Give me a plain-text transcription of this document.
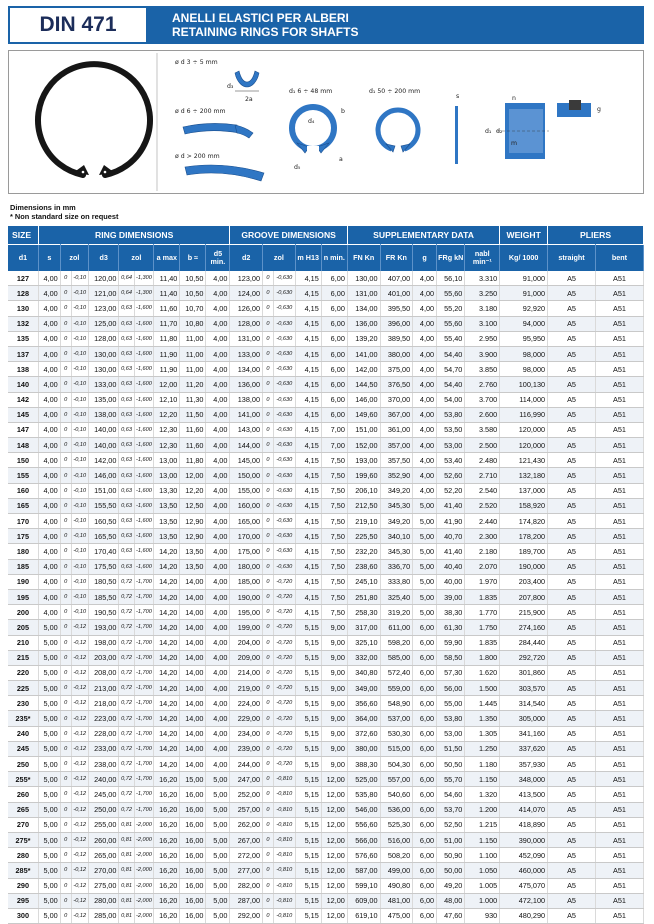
DIN 471	ANELLI ELASTICI PER ALBERI
RETAINING RINGS FOR SHAFTS
ø d 3 ÷ 5 mm
d₃
2a
ø d 6 ÷ 200 mm
ø d > 200 mm
d₁ 6 ÷ 48 mm
d₄
b
a
d₅
d₁ 50 ÷ 200 mm
s	n
m
d₁ d₂
g
Dimensions in mm
* Non standard size on request
SIZE	RING DIMENSIONS									GROOVE DIMENSIONS					SUPPLEMENTARY DATA					WEIGHT	PLIERS	
d1	s	zol		d3	zol		a max	b ≈	d5 min.	d2	zol		m H13	n min.	FN Kn	FR Kn	g	FRg kN	nabl min⁻¹	Kg/ 1000	straight	bent
127	4,00	0	-0,10	120,00	0,64	-1,300	11,40	10,50	4,00	123,00	0	-0,630	4,15	6,00	130,00	407,00	4,00	56,10	3.310	91,000	A5	A51
128	4,00	0	-0,10	121,00	0,64	-1,300	11,40	10,50	4,00	124,00	0	-0,630	4,15	6,00	131,00	401,00	4,00	55,60	3.250	91,000	A5	A51
130	4,00	0	-0,10	123,00	0,63	-1,600	11,60	10,70	4,00	126,00	0	-0,630	4,15	6,00	134,00	395,50	4,00	55,20	3.180	92,920	A5	A51
132	4,00	0	-0,10	125,00	0,63	-1,600	11,70	10,80	4,00	128,00	0	-0,630	4,15	6,00	136,00	396,00	4,00	55,60	3.100	94,000	A5	A51
135	4,00	0	-0,10	128,00	0,63	-1,600	11,80	11,00	4,00	131,00	0	-0,630	4,15	6,00	139,20	389,50	4,00	55,40	2.950	95,950	A5	A51
137	4,00	0	-0,10	130,00	0,63	-1,600	11,90	11,00	4,00	133,00	0	-0,630	4,15	6,00	141,00	380,00	4,00	54,40	3.900	98,000	A5	A51
138	4,00	0	-0,10	130,00	0,63	-1,600	11,90	11,00	4,00	134,00	0	-0,630	4,15	6,00	142,00	375,00	4,00	54,70	3.850	98,000	A5	A51
140	4,00	0	-0,10	133,00	0,63	-1,600	12,00	11,20	4,00	136,00	0	-0,630	4,15	6,00	144,50	376,50	4,00	54,40	2.760	100,130	A5	A51
142	4,00	0	-0,10	135,00	0,63	-1,600	12,10	11,30	4,00	138,00	0	-0,630	4,15	6,00	146,00	370,00	4,00	54,00	3.700	114,000	A5	A51
145	4,00	0	-0,10	138,00	0,63	-1,600	12,20	11,50	4,00	141,00	0	-0,630	4,15	6,00	149,60	367,00	4,00	53,80	2.600	116,990	A5	A51
147	4,00	0	-0,10	140,00	0,63	-1,600	12,30	11,60	4,00	143,00	0	-0,630	4,15	7,00	151,00	361,00	4,00	53,50	3.580	120,000	A5	A51
148	4,00	0	-0,10	140,00	0,63	-1,600	12,30	11,60	4,00	144,00	0	-0,630	4,15	7,00	152,00	357,00	4,00	53,00	2.500	120,000	A5	A51
150	4,00	0	-0,10	142,00	0,63	-1,600	13,00	11,80	4,00	145,00	0	-0,630	4,15	7,50	193,00	357,50	4,00	53,40	2.480	121,430	A5	A51
155	4,00	0	-0,10	146,00	0,63	-1,600	13,00	12,00	4,00	150,00	0	-0,630	4,15	7,50	199,60	352,90	4,00	52,60	2.710	132,180	A5	A51
160	4,00	0	-0,10	151,00	0,63	-1,600	13,30	12,20	4,00	155,00	0	-0,630	4,15	7,50	206,10	349,20	4,00	52,20	2.540	137,000	A5	A51
165	4,00	0	-0,10	155,50	0,63	-1,600	13,50	12,50	4,00	160,00	0	-0,630	4,15	7,50	212,50	345,30	5,00	41,40	2.520	158,920	A5	A51
170	4,00	0	-0,10	160,50	0,63	-1,600	13,50	12,90	4,00	165,00	0	-0,630	4,15	7,50	219,10	349,20	5,00	41,90	2.440	174,820	A5	A51
175	4,00	0	-0,10	165,50	0,63	-1,600	13,50	12,90	4,00	170,00	0	-0,630	4,15	7,50	225,50	340,10	5,00	40,70	2.300	178,200	A5	A51
180	4,00	0	-0,10	170,40	0,63	-1,600	14,20	13,50	4,00	175,00	0	-0,630	4,15	7,50	232,20	345,30	5,00	41,40	2.180	189,700	A5	A51
185	4,00	0	-0,10	175,50	0,63	-1,600	14,20	13,50	4,00	180,00	0	-0,630	4,15	7,50	238,60	336,70	5,00	40,40	2.070	190,000	A5	A51
190	4,00	0	-0,10	180,50	0,72	-1,700	14,20	14,00	4,00	185,00	0	-0,720	4,15	7,50	245,10	333,80	5,00	40,00	1.970	203,400	A5	A51
195	4,00	0	-0,10	185,50	0,72	-1,700	14,20	14,00	4,00	190,00	0	-0,720	4,15	7,50	251,80	325,40	5,00	39,00	1.835	207,800	A5	A51
200	4,00	0	-0,10	190,50	0,72	-1,700	14,20	14,00	4,00	195,00	0	-0,720	4,15	7,50	258,30	319,20	5,00	38,30	1.770	215,900	A5	A51
205	5,00	0	-0,12	193,00	0,72	-1,700	14,20	14,00	4,00	199,00	0	-0,720	5,15	9,00	317,00	611,00	6,00	61,30	1.750	274,160	A5	A51
210	5,00	0	-0,12	198,00	0,72	-1,700	14,20	14,00	4,00	204,00	0	-0,720	5,15	9,00	325,10	598,20	6,00	59,90	1.835	284,440	A5	A51
215	5,00	0	-0,12	203,00	0,72	-1,700	14,20	14,00	4,00	209,00	0	-0,720	5,15	9,00	332,00	585,00	6,00	58,50	1.800	292,720	A5	A51
220	5,00	0	-0,12	208,00	0,72	-1,700	14,20	14,00	4,00	214,00	0	-0,720	5,15	9,00	340,80	572,40	6,00	57,30	1.620	301,860	A5	A51
225	5,00	0	-0,12	213,00	0,72	-1,700	14,20	14,00	4,00	219,00	0	-0,720	5,15	9,00	349,00	559,00	6,00	56,00	1.500	303,570	A5	A51
230	5,00	0	-0,12	218,00	0,72	-1,700	14,20	14,00	4,00	224,00	0	-0,720	5,15	9,00	356,60	548,90	6,00	55,00	1.445	314,540	A5	A51
235*	5,00	0	-0,12	223,00	0,72	-1,700	14,20	14,00	4,00	229,00	0	-0,720	5,15	9,00	364,00	537,00	6,00	53,80	1.350	305,000	A5	A51
240	5,00	0	-0,12	228,00	0,72	-1,700	14,20	14,00	4,00	234,00	0	-0,720	5,15	9,00	372,60	530,30	6,00	53,00	1.305	341,160	A5	A51
245	5,00	0	-0,12	233,00	0,72	-1,700	14,20	14,00	4,00	239,00	0	-0,720	5,15	9,00	380,00	515,00	6,00	51,50	1.250	337,620	A5	A51
250	5,00	0	-0,12	238,00	0,72	-1,700	14,20	14,00	4,00	244,00	0	-0,720	5,15	9,00	388,30	504,30	6,00	50,50	1.180	357,930	A5	A51
255*	5,00	0	-0,12	240,00	0,72	-1,700	16,20	15,00	5,00	247,00	0	-0,810	5,15	12,00	525,00	557,00	6,00	55,70	1.150	348,000	A5	A51
260	5,00	0	-0,12	245,00	0,72	-1,700	16,20	16,00	5,00	252,00	0	-0,810	5,15	12,00	535,80	540,60	6,00	54,60	1.320	413,500	A5	A51
265	5,00	0	-0,12	250,00	0,72	-1,700	16,20	16,00	5,00	257,00	0	-0,810	5,15	12,00	546,00	536,00	6,00	53,70	1.200	414,070	A5	A51
270	5,00	0	-0,12	255,00	0,81	-2,000	16,20	16,00	5,00	262,00	0	-0,810	5,15	12,00	556,60	525,30	6,00	52,50	1.215	418,890	A5	A51
275*	5,00	0	-0,12	260,00	0,81	-2,000	16,20	16,00	5,00	267,00	0	-0,810	5,15	12,00	566,00	516,00	6,00	51,00	1.150	390,000	A5	A51
280	5,00	0	-0,12	265,00	0,81	-2,000	16,20	16,00	5,00	272,00	0	-0,810	5,15	12,00	576,60	508,20	6,00	50,90	1.100	452,090	A5	A51
285*	5,00	0	-0,12	270,00	0,81	-2,000	16,20	16,00	5,00	277,00	0	-0,810	5,15	12,00	587,00	499,00	6,00	50,00	1.050	460,000	A5	A51
290	5,00	0	-0,12	275,00	0,81	-2,000	16,20	16,00	5,00	282,00	0	-0,810	5,15	12,00	599,10	490,80	6,00	49,20	1.005	475,070	A5	A51
295	5,00	0	-0,12	280,00	0,81	-2,000	16,20	16,00	5,00	287,00	0	-0,810	5,15	12,00	609,00	481,00	6,00	48,00	1.000	472,100	A5	A51
300	5,00	0	-0,12	285,00	0,81	-2,000	16,20	16,00	5,00	292,00	0	-0,810	5,15	12,00	619,10	475,00	6,00	47,60	930	480,290	A5	A51
